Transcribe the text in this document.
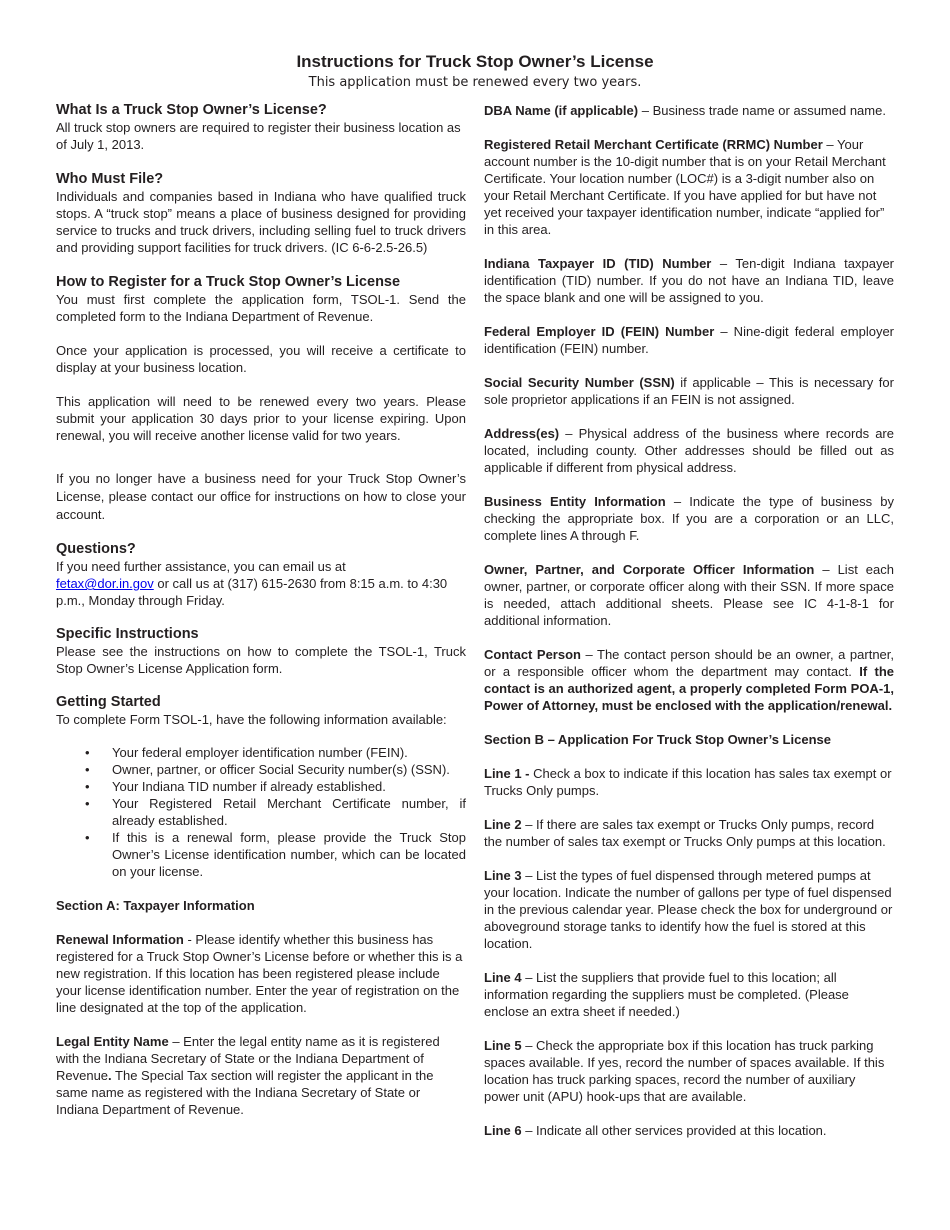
Instructions for Truck Stop Owner’s License
This application must be renewed every two years.
What Is a Truck Stop Owner’s License?

All truck stop owners are required to register their business location as of July 1, 2013.

Who Must File?

Individuals and companies based in Indiana who have qualified truck stops. A “truck stop” means a place of business designed for providing service to trucks and truck drivers, including selling fuel to truck drivers and providing support facilities for truck drivers. (IC 6-6-2.5-26.5)

How to Register for a Truck Stop Owner’s License

You must first complete the application form, TSOL-1. Send the completed form to the Indiana Department of Revenue.

Once your application is processed, you will receive a certificate to display at your business location.

This application will need to be renewed every two years. Please submit your application 30 days prior to your license expiring. Upon renewal, you will receive another license valid for two years.

If you no longer have a business need for your Truck Stop Owner’s License, please contact our office for instructions on how to close your account.

Questions?

If you need further assistance, you can email us at
fetax@dor.in.gov or call us at (317) 615-2630 from 8:15 a.m. to 4:30 p.m., Monday through Friday.

Specific Instructions

Please see the instructions on how to complete the TSOL-1, Truck Stop Owner’s License Application form.

Getting Started

To complete Form TSOL-1, have the following information available:

• Your federal employer identification number (FEIN).
• Owner, partner, or officer Social Security number(s) (SSN).
• Your Indiana TID number if already established.
• Your Registered Retail Merchant Certificate number, if already established.
• If this is a renewal form, please provide the Truck Stop Owner’s License identification number, which can be located on your license.

Section A: Taxpayer Information

Renewal Information - Please identify whether this business has registered for a Truck Stop Owner’s License before or whether this is a new registration. If this location has been registered please include your license identification number. Enter the year of registration on the line designated at the top of the application.

Legal Entity Name – Enter the legal entity name as it is registered with the Indiana Secretary of State or the Indiana Department of Revenue. The Special Tax section will register the applicant in the same name as registered with the Indiana Secretary of State or Indiana Department of Revenue.

DBA Name (if applicable) – Business trade name or assumed name.

Registered Retail Merchant Certificate (RRMC) Number – Your account number is the 10-digit number that is on your Retail Merchant Certificate. Your location number (LOC#) is a 3-digit number also on your Retail Merchant Certificate. If you have applied for but have not yet received your taxpayer identification number, indicate “applied for” in this area.

Indiana Taxpayer ID (TID) Number – Ten-digit Indiana taxpayer identification (TID) number. If you do not have an Indiana TID, leave the space blank and one will be assigned to you.

Federal Employer ID (FEIN) Number – Nine-digit federal employer identification (FEIN) number.

Social Security Number (SSN) if applicable – This is necessary for sole proprietor applications if an FEIN is not assigned.

Address(es) – Physical address of the business where records are located, including county. Other addresses should be filled out as applicable if different from physical address.

Business Entity Information – Indicate the type of business by checking the appropriate box. If you are a corporation or an LLC, complete lines A through F.

Owner, Partner, and Corporate Officer Information – List each owner, partner, or corporate officer along with their SSN. If more space is needed, attach additional sheets. Please see IC 4-1-8-1 for additional information.

Contact Person – The contact person should be an owner, a partner, or a responsible officer whom the department may contact. If the contact is an authorized agent, a properly completed Form POA-1, Power of Attorney, must be enclosed with the application/renewal.

Section B – Application For Truck Stop Owner’s License

Line 1 - Check a box to indicate if this location has sales tax exempt or Trucks Only pumps.

Line 2 – If there are sales tax exempt or Trucks Only pumps, record the number of sales tax exempt or Trucks Only pumps at this location.

Line 3 – List the types of fuel dispensed through metered pumps at your location. Indicate the number of gallons per type of fuel dispensed in the previous calendar year. Please check the box for underground or aboveground storage tanks to identify how the fuel is stored at this location.

Line 4 – List the suppliers that provide fuel to this location; all information regarding the suppliers must be completed. (Please enclose an extra sheet if needed.)

Line 5 – Check the appropriate box if this location has truck parking spaces available. If yes, record the number of spaces available. If this location has truck parking spaces, record the number of auxiliary power unit (APU) hook-ups that are available.

Line 6 – Indicate all other services provided at this location.
